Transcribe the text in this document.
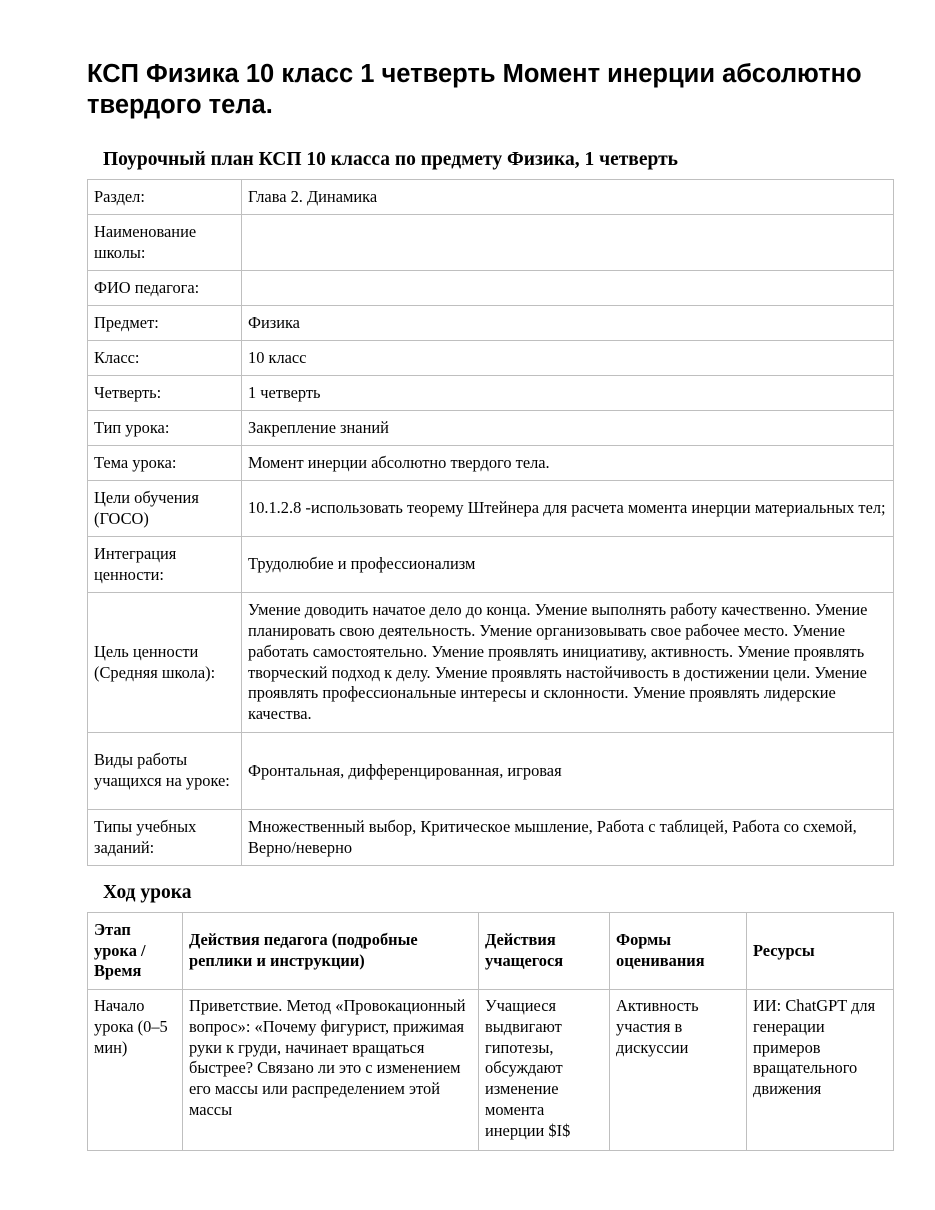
КСП Физика 10 класс 1 четверть Момент инерции абсолютно твердого тела.
Поурочный план КСП 10 класса по предмету Физика, 1 четверть
Раздел:	Глава 2. Динамика
Наименование школы:	
ФИО педагога:	
Предмет:	Физика
Класс:	10 класс
Четверть:	1 четверть
Тип урока:	Закрепление знаний
Тема урока:	Момент инерции абсолютно твердого тела.
Цели обучения (ГОСО)	10.1.2.8 -использовать теорему Штейнера для расчета момента инерции материальных тел;
Интеграция ценности:	Трудолюбие и профессионализм
Цель ценности (Средняя школа):	Умение доводить начатое дело до конца. Умение выполнять работу качественно. Умение планировать свою деятельность. Умение организовывать свое рабочее место. Умение работать самостоятельно. Умение проявлять инициативу, активность. Умение проявлять творческий подход к делу. Умение проявлять настойчивость в достижении цели. Умение проявлять профессиональные интересы и склонности. Умение проявлять лидерские качества.
Виды работы учащихся на уроке:	Фронтальная, дифференцированная, игровая
Типы учебных заданий:	Множественный выбор, Критическое мышление, Работа с таблицей, Работа со схемой, Верно/неверно
Ход урока
Этап урока / Время	Действия педагога (подробные реплики и инструкции)	Действия учащегося	Формы оценивания	Ресурсы
Начало урока (0–5 мин)	Приветствие. Метод «Провокационный вопрос»: «Почему фигурист, прижимая руки к груди, начинает вращаться быстрее? Связано ли это с изменением его массы или распределением этой массы	Учащиеся выдвигают гипотезы, обсуждают изменение момента инерции $I$	Активность участия в дискуссии	ИИ: ChatGPT для генерации примеров вращательного движения
